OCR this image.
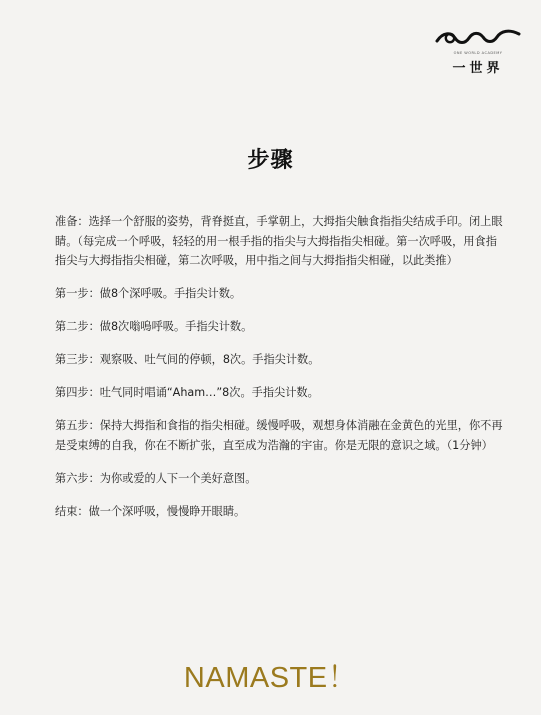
ONE WORLD ACADEMY
一世界
步骤

准备：选择一个舒服的姿势，背脊挺直，手掌朝上，大拇指尖触食指指尖结成手印。闭上眼睛。（每完成一个呼吸，轻轻的用一根手指的指尖与大拇指指尖相碰。第一次呼吸，用食指指尖与大拇指指尖相碰，第二次呼吸，用中指之间与大拇指指尖相碰，以此类推）

第一步：做8个深呼吸。手指尖计数。

第二步：做8次嗡嗚呼吸。手指尖计数。

第三步：观察吸、吐气间的停顿，8次。手指尖计数。

第四步：吐气同时唱诵“Aham…”8次。手指尖计数。

第五步：保持大拇指和食指的指尖相碰。缓慢呼吸，观想身体消融在金黄色的光里，你不再是受束缚的自我，你在不断扩张，直至成为浩瀚的宇宙。你是无限的意识之域。（1分钟）

第六步：为你或爱的人下一个美好意图。

结束：做一个深呼吸，慢慢睁开眼睛。

NAMASTE！
